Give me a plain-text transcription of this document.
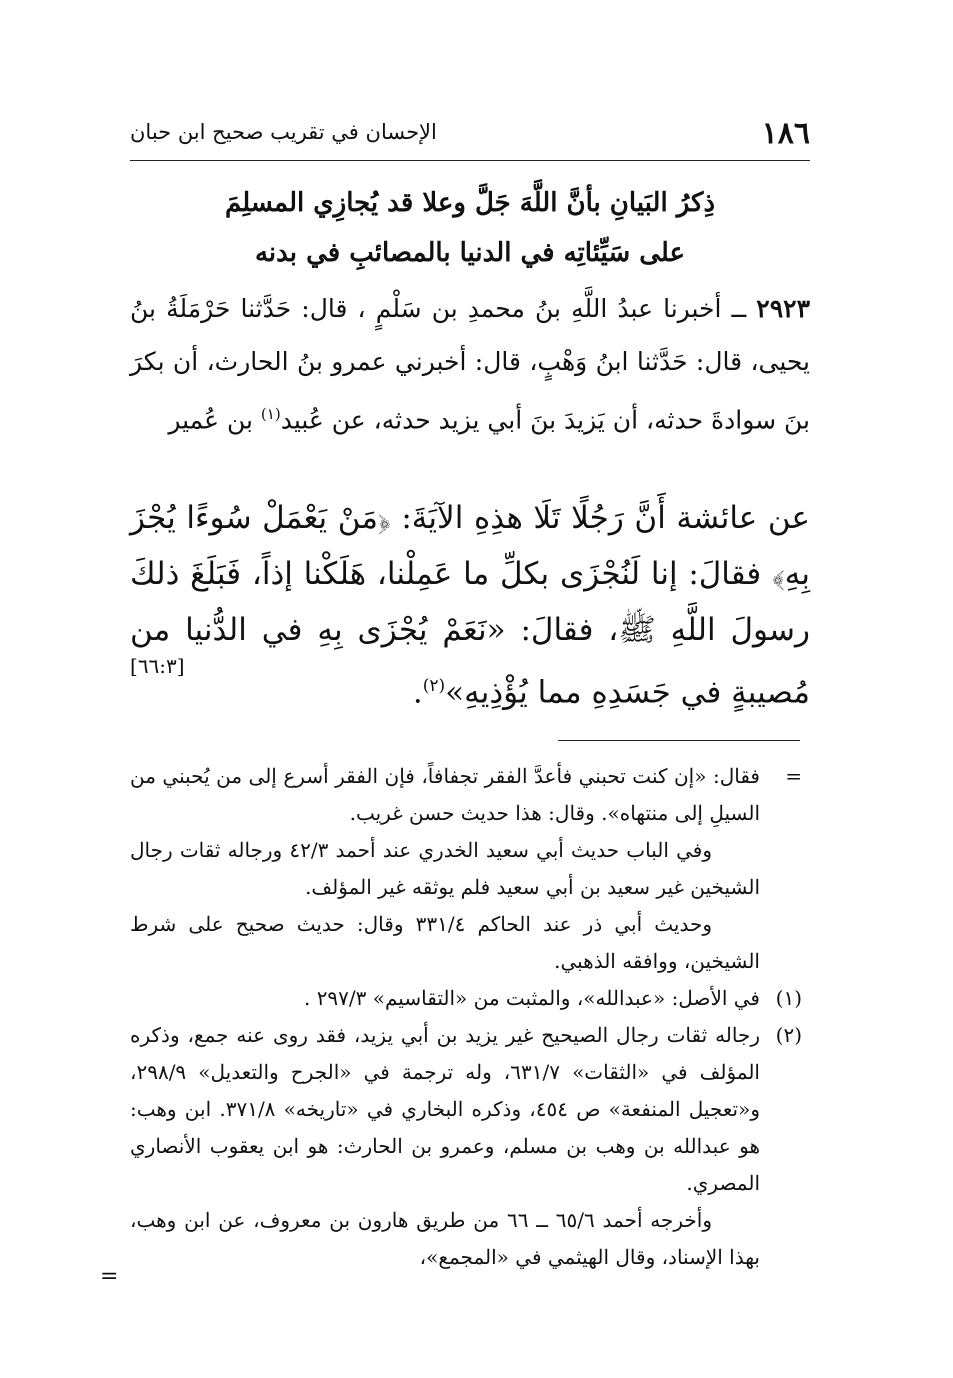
١٨٦
الإحسان في تقريب صحيح ابن حبان
ذِكرُ البَيانِ بأنَّ اللَّهَ جَلَّ وعلا قد يُجازِي المسلِمَ
على سَيِّئاتِه في الدنيا بالمصائبِ في بدنه
٢٩٢٣ ــ أخبرنا عبدُ اللَّهِ بنُ محمدِ بن سَلْمٍ ، قال: حَدَّثنا حَرْمَلَةُ بنُ يحيى، قال: حَدَّثنا ابنُ وَهْبٍ، قال: أخبرني عمرو بنُ الحارث، أن بكرَ بنَ سوادةَ حدثه، أن يَزيدَ بنَ أبي يزيد حدثه، عن عُبيد$^{(١)}$ بن عُمير
عن عائشة أَنَّ رَجُلًا تَلَا هذِهِ الآيَةَ: ﴿مَنْ يَعْمَلْ سُوءًا يُجْزَ بِهِ﴾ فقالَ: إنا لَنُجْزَى بكلِّ ما عَمِلْنا، هَلَكْنا إذاً، فَبَلَغَ ذلكَ رسولَ اللَّهِ ﷺ، فقالَ: «نَعَمْ يُجْزَى بِهِ في الدُّنيا من مُصيبةٍ في جَسَدِهِ مما يُؤْذِيهِ»$^{(٢)}$.
[٦٦:٣]

=
فقال: «إن كنت تحبني فأعدَّ الفقر تجفافاً، فإن الفقر أسرع إلى من يُحبني من السيلِ إلى منتهاه». وقال: هذا حديث حسن غريب.

وفي الباب حديث أبي سعيد الخدري عند أحمد ٤٢/٣ ورجاله ثقات رجال الشيخين غير سعيد بن أبي سعيد فلم يوثقه غير المؤلف.

وحديث أبي ذر عند الحاكم ٣٣١/٤ وقال: حديث صحيح على شرط الشيخين، ووافقه الذهبي.

(١)
في الأصل: «عبدالله»، والمثبت من «التقاسيم» ٢٩٧/٣ .

(٢)
رجاله ثقات رجال الصيحيح غير يزيد بن أبي يزيد، فقد روى عنه جمع، وذكره المؤلف في «الثقات» ٦٣١/٧، وله ترجمة في «الجرح والتعديل» ٢٩٨/٩، و«تعجيل المنفعة» ص ٤٥٤، وذكره البخاري في «تاريخه» ٣٧١/٨. ابن وهب: هو عبدالله بن وهب بن مسلم، وعمرو بن الحارث: هو ابن يعقوب الأنصاري المصري.

وأخرجه أحمد ٦٥/٦ ــ ٦٦ من طريق هارون بن معروف، عن ابن وهب، بهذا الإسناد، وقال الهيثمي في «المجمع»،

=
